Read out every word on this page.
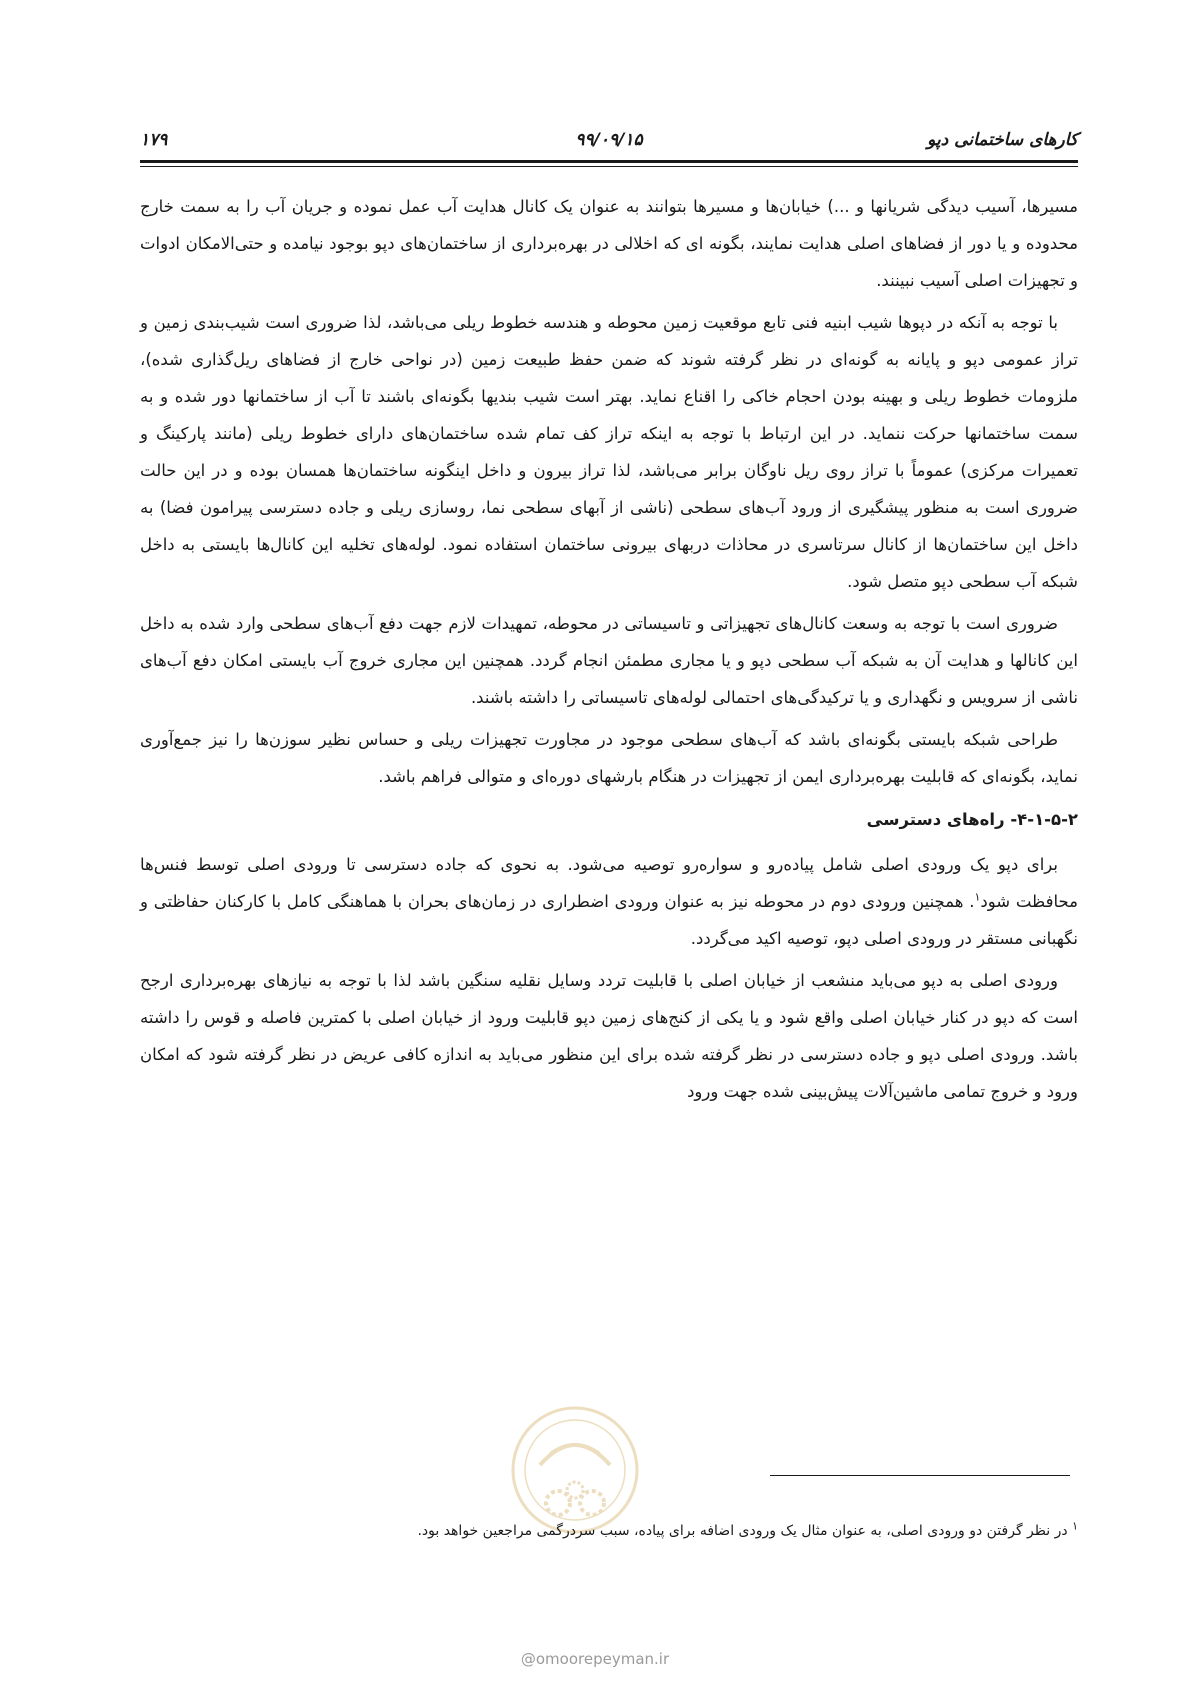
کارهای ساختمانی دپو
۹۹/۰۹/۱۵
۱۷۹

مسیرها، آسیب دیدگی شریانها و ...) خیابان‌ها و مسیرها بتوانند به عنوان یک کانال هدایت آب عمل نموده و جریان آب را به سمت خارج محدوده و یا دور از فضاهای اصلی هدایت نمایند، بگونه ای که اخلالی در بهره‌برداری از ساختمان‌های دپو بوجود نیامده و حتی‌الامکان ادوات و تجهیزات اصلی آسیب نبینند.

با توجه به آنکه در دپوها شیب ابنیه فنی تابع موقعیت زمین محوطه و هندسه خطوط ریلی می‌باشد، لذا ضروری است شیب‌بندی زمین و تراز عمومی دپو و پایانه به گونه‌ای در نظر گرفته شوند که ضمن حفظ طبیعت زمین (در نواحی خارج از فضاهای ریل‌گذاری شده)، ملزومات خطوط ریلی و بهینه بودن احجام خاکی را اقناع نماید. بهتر است شیب بندیها بگونه‌ای باشند تا آب از ساختمانها دور شده و به سمت ساختمانها حرکت ننماید. در این ارتباط با توجه به اینکه تراز کف تمام شده ساختمان‌های دارای خطوط ریلی (مانند پارکینگ و تعمیرات مرکزی) عموماً با تراز روی ریل ناوگان برابر می‌باشد، لذا تراز بیرون و داخل اینگونه ساختمان‌ها همسان بوده و در این حالت ضروری است به منظور پیشگیری از ورود آب‌های سطحی (ناشی از آبهای سطحی نما، روسازی ریلی و جاده دسترسی پیرامون فضا) به داخل این ساختمان‌ها از کانال سرتاسری در محاذات دربهای بیرونی ساختمان استفاده نمود. لوله‌های تخلیه این کانال‌ها بایستی به داخل شبکه آب سطحی دپو متصل شود.

ضروری است با توجه به وسعت کانال‌های تجهیزاتی و تاسیساتی در محوطه، تمهیدات لازم جهت دفع آب‌های سطحی وارد شده به داخل این کانالها و هدایت آن به شبکه آب سطحی دپو و یا مجاری مطمئن انجام گردد. همچنین این مجاری خروج آب بایستی امکان دفع آب‌های ناشی از سرویس و نگهداری و یا ترکیدگی‌های احتمالی لوله‌های تاسیساتی را داشته باشند.

طراحی شبکه بایستی بگونه‌ای باشد که آب‌های سطحی موجود در مجاورت تجهیزات ریلی و حساس نظیر سوزن‌ها را نیز جمع‌آوری نماید، بگونه‌ای که قابلیت بهره‌برداری ایمن از تجهیزات در هنگام بارشهای دوره‌ای و متوالی فراهم باشد.

۴-۱-۵-۲- راه‌های دسترسی

برای دپو یک ورودی اصلی شامل پیاده‌رو و سواره‌رو توصیه می‌شود. به نحوی که جاده دسترسی تا ورودی اصلی توسط فنس‌ها محافظت شود$^۱$. همچنین ورودی دوم در محوطه نیز به عنوان ورودی اضطراری در زمان‌های بحران با هماهنگی کامل با کارکنان حفاظتی و نگهبانی مستقر در ورودی اصلی دپو، توصیه اکید می‌گردد.

ورودی اصلی به دپو می‌باید منشعب از خیابان اصلی با قابلیت تردد وسایل نقلیه سنگین باشد لذا با توجه به نیازهای بهره‌برداری ارجح است که دپو در کنار خیابان اصلی واقع شود و یا یکی از کنج‌های زمین دپو قابلیت ورود از خیابان اصلی با کمترین فاصله و قوس را داشته باشد. ورودی اصلی دپو و جاده دسترسی در نظر گرفته شده برای این منظور می‌باید به اندازه کافی عریض در نظر گرفته شود که امکان ورود و خروج تمامی ماشین‌آلات پیش‌بینی شده جهت ورود

$^۱$ در نظر گرفتن دو ورودی اصلی، به عنوان مثال یک ورودی اضافه برای پیاده، سبب سردرگمی مراجعین خواهد بود.
@omoorepeyman.ir
